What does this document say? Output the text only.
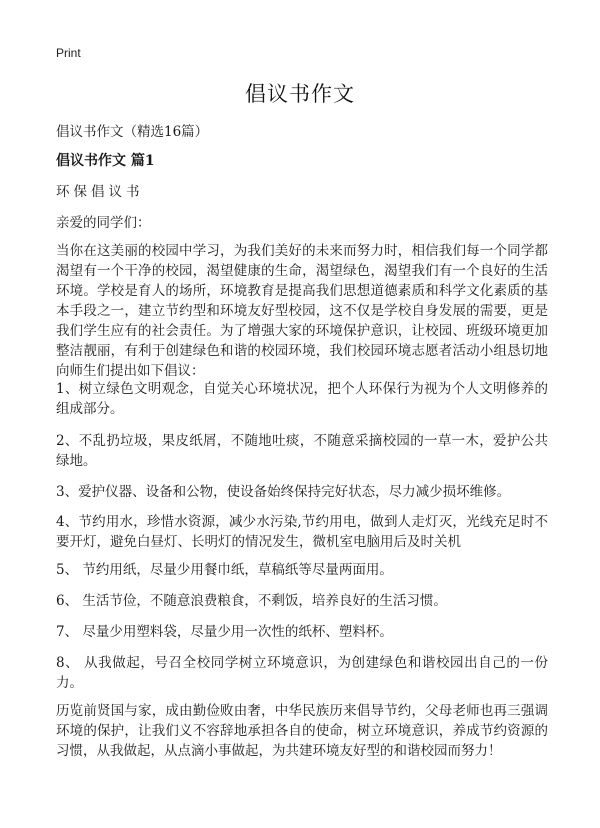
Print
倡议书作文
倡议书作文（精选16篇）
倡议书作文 篇1
环保倡议书
亲爱的同学们：
当你在这美丽的校园中学习，为我们美好的未来而努力时，相信我们每一个同学都渴望有一个干净的校园，渴望健康的生命，渴望绿色，渴望我们有一个良好的生活环境。学校是育人的场所，环境教育是提高我们思想道德素质和科学文化素质的基本手段之一，建立节约型和环境友好型校园，这不仅是学校自身发展的需要，更是我们学生应有的社会责任。为了增强大家的环境保护意识，让校园、班级环境更加整洁靓丽，有利于创建绿色和谐的校园环境，我们校园环境志愿者活动小组恳切地向师生们提出如下倡议：
1、树立绿色文明观念，自觉关心环境状况，把个人环保行为视为个人文明修养的组成部分。
2、不乱扔垃圾，果皮纸屑，不随地吐痰，不随意采摘校园的一草一木，爱护公共绿地。
3、爱护仪器、设备和公物，使设备始终保持完好状态，尽力减少损坏维修。
4、节约用水，珍惜水资源，减少水污染,节约用电，做到人走灯灭，光线充足时不要开灯，避免白昼灯、长明灯的情况发生，微机室电脑用后及时关机
5、 节约用纸，尽量少用餐巾纸，草稿纸等尽量两面用。
6、 生活节俭，不随意浪费粮食，不剩饭，培养良好的生活习惯。
7、 尽量少用塑料袋，尽量少用一次性的纸杯、塑料杯。
8、 从我做起，号召全校同学树立环境意识，为创建绿色和谐校园出自己的一份力。
历览前贤国与家，成由勤俭败由奢，中华民族历来倡导节约，父母老师也再三强调环境的保护，让我们义不容辞地承担各自的使命，树立环境意识，养成节约资源的习惯，从我做起，从点滴小事做起，为共建环境友好型的和谐校园而努力！
